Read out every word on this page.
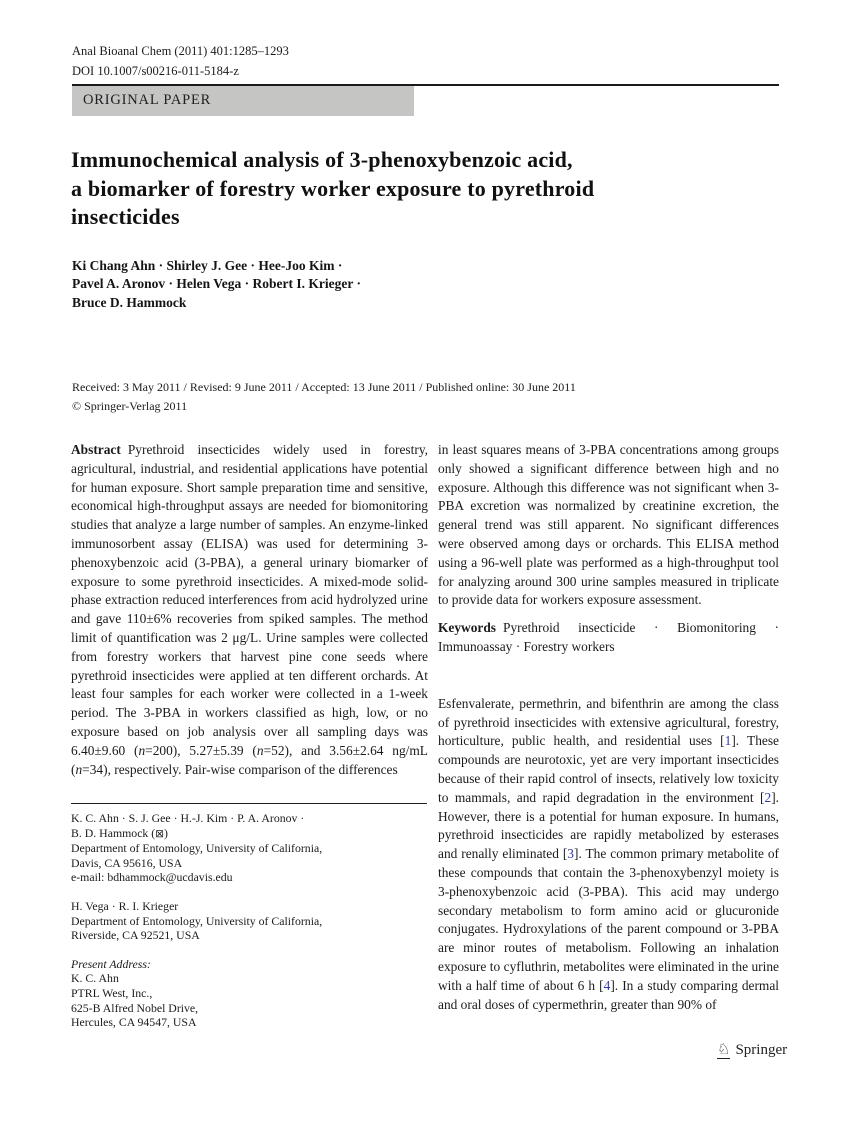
Anal Bioanal Chem (2011) 401:1285–1293
DOI 10.1007/s00216-011-5184-z
ORIGINAL PAPER
Immunochemical analysis of 3-phenoxybenzoic acid,
a biomarker of forestry worker exposure to pyrethroid
insecticides
Ki Chang Ahn · Shirley J. Gee · Hee-Joo Kim ·
Pavel A. Aronov · Helen Vega · Robert I. Krieger ·
Bruce D. Hammock
Received: 3 May 2011 / Revised: 9 June 2011 / Accepted: 13 June 2011 / Published online: 30 June 2011
© Springer-Verlag 2011

Abstract Pyrethroid insecticides widely used in forestry, agricultural, industrial, and residential applications have potential for human exposure. Short sample preparation time and sensitive, economical high-throughput assays are needed for biomonitoring studies that analyze a large number of samples. An enzyme-linked immunosorbent assay (ELISA) was used for determining 3-phenoxybenzoic acid (3-PBA), a general urinary biomarker of exposure to some pyrethroid insecticides. A mixed-mode solid-phase extraction reduced interferences from acid hydrolyzed urine and gave 110±6% recoveries from spiked samples. The method limit of quantification was 2 μg/L. Urine samples were collected from forestry workers that harvest pine cone seeds where pyrethroid insecticides were applied at ten different orchards. At least four samples for each worker were collected in a 1-week period. The 3-PBA in workers classified as high, low, or no exposure based on job analysis over all sampling days was 6.40±9.60 (n=200), 5.27±5.39 (n=52), and 3.56±2.64 ng/mL (n=34), respectively. Pair-wise comparison of the differences

K. C. Ahn · S. J. Gee · H.-J. Kim · P. A. Aronov ·
B. D. Hammock (⊠)
Department of Entomology, University of California,
Davis, CA 95616, USA
e-mail: bdhammock@ucdavis.edu
H. Vega · R. I. Krieger
Department of Entomology, University of California,
Riverside, CA 92521, USA
Present Address:
K. C. Ahn
PTRL West, Inc.,
625-B Alfred Nobel Drive,
Hercules, CA 94547, USA

in least squares means of 3-PBA concentrations among groups only showed a significant difference between high and no exposure. Although this difference was not significant when 3-PBA excretion was normalized by creatinine excretion, the general trend was still apparent. No significant differences were observed among days or orchards. This ELISA method using a 96-well plate was performed as a high-throughput tool for analyzing around 300 urine samples measured in triplicate to provide data for workers exposure assessment.

Keywords Pyrethroid insecticide · Biomonitoring · Immunoassay · Forestry workers

Esfenvalerate, permethrin, and bifenthrin are among the class of pyrethroid insecticides with extensive agricultural, forestry, horticulture, public health, and residential uses [1]. These compounds are neurotoxic, yet are very important insecticides because of their rapid control of insects, relatively low toxicity to mammals, and rapid degradation in the environment [2]. However, there is a potential for human exposure. In humans, pyrethroid insecticides are rapidly metabolized by esterases and renally eliminated [3]. The common primary metabolite of these compounds that contain the 3-phenoxybenzyl moiety is 3-phenoxybenzoic acid (3-PBA). This acid may undergo secondary metabolism to form amino acid or glucuronide conjugates. Hydroxylations of the parent compound or 3-PBA are minor routes of metabolism. Following an inhalation exposure to cyfluthrin, metabolites were eliminated in the urine with a half time of about 6 h [4]. In a study comparing dermal and oral doses of cypermethrin, greater than 90% of

♘ Springer
